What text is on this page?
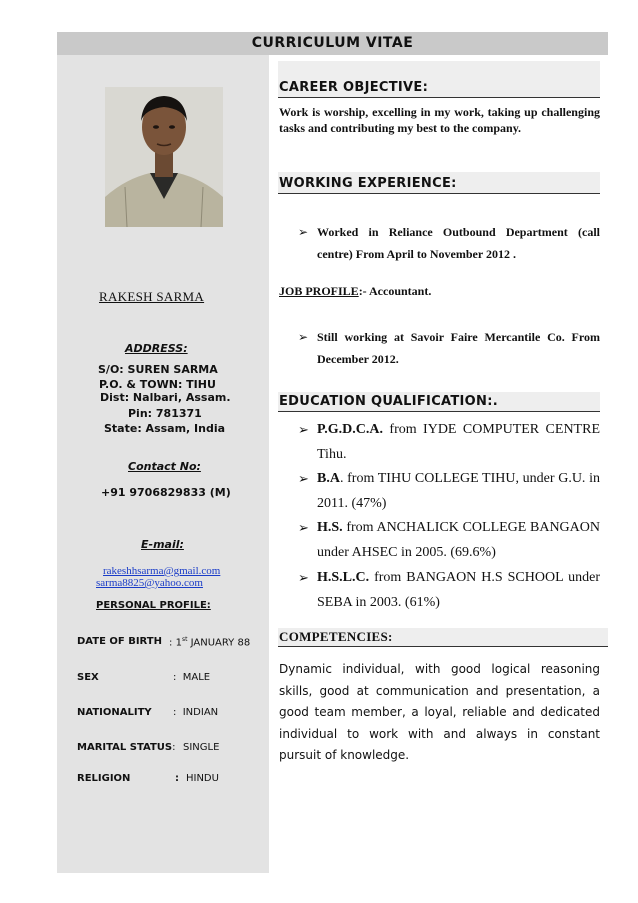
CURRICULUM VITAE
RAKESH SARMA
ADDRESS:
S/O: SUREN SARMA
P.O. & TOWN: TIHU
Dist: Nalbari, Assam.
Pin: 781371
State: Assam, India
Contact No:
+91 9706829833 (M)
E-mail:
rakeshhsarma@gmail.com
sarma8825@yahoo.com
PERSONAL PROFILE:
DATE OF BIRTH : 1st JANUARY 88
SEX	: MALE
NATIONALITY : INDIAN
MARITAL STATUS: SINGLE
RELIGION	: HINDU
CAREER OBJECTIVE:
Work is worship, excelling in my work, taking up challenging tasks and contributing my best to the company.
WORKING EXPERIENCE:
➢ Worked in Reliance Outbound Department (call centre) From April to November 2012 .
JOB PROFILE:- Accountant.
➢ Still working at Savoir Faire Mercantile Co. From December 2012.
EDUCATION QUALIFICATION:.
➢ P.G.D.C.A. from IYDE COMPUTER CENTRE Tihu.
➢ B.A. from TIHU COLLEGE TIHU, under G.U. in 2011. (47%)
➢ H.S. from ANCHALICK COLLEGE BANGAON under AHSEC in 2005. (69.6%)
➢ H.S.L.C. from BANGAON H.S SCHOOL under SEBA in 2003. (61%)
COMPETENCIES:
Dynamic individual, with good logical reasoning skills, good at communication and presentation, a good team member, a loyal, reliable and dedicated individual to work with and always in constant pursuit of knowledge.
